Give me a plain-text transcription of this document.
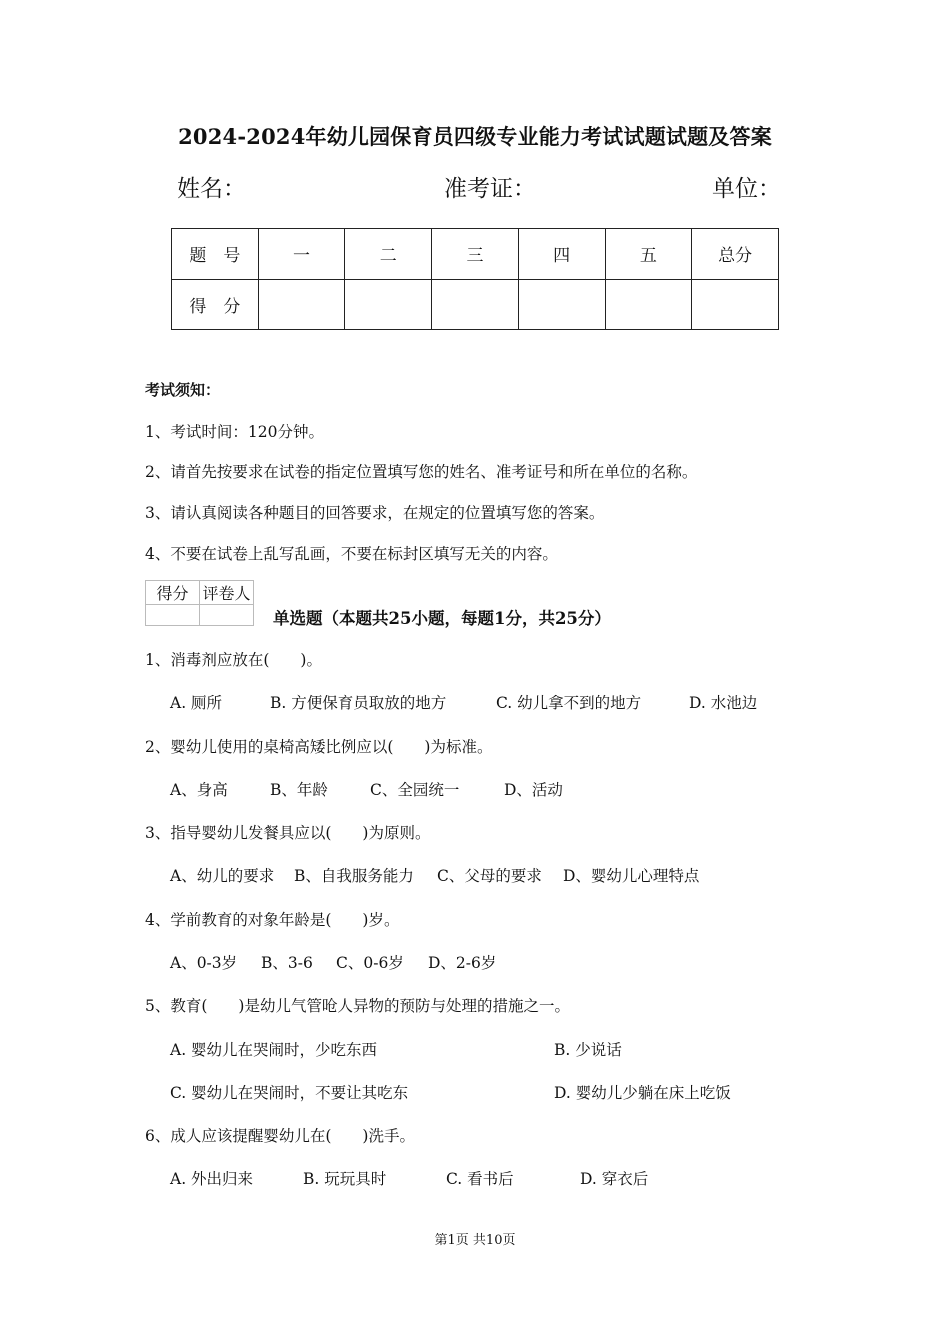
2024-2024年幼儿园保育员四级专业能力考试试题试题及答案
姓名：	准考证：	单位：
题　号	一	二	三	四	五	总分
得　分						
考试须知：
1、考试时间：120分钟。
2、请首先按要求在试卷的指定位置填写您的姓名、准考证号和所在单位的名称。
3、请认真阅读各种题目的回答要求，在规定的位置填写您的答案。
4、不要在试卷上乱写乱画，不要在标封区填写无关的内容。
得分	评卷人

单选题（本题共25小题，每题1分，共25分）
1、消毒剂应放在(　　)。
A. 厕所	B. 方便保育员取放的地方	C. 幼儿拿不到的地方	D. 水池边
2、婴幼儿使用的桌椅高矮比例应以(　　)为标准。
A、身高	B、年龄	C、全园统一	D、活动
3、指导婴幼儿发餐具应以(　　)为原则。
A、幼儿的要求 B、自我服务能力 C、父母的要求 D、婴幼儿心理特点
4、学前教育的对象年龄是(　　)岁。
A、0-3岁 B、3-6 C、0-6岁 D、2-6岁
5、教育(　　)是幼儿气管呛人异物的预防与处理的措施之一。
A. 婴幼儿在哭闹时，少吃东西	B. 少说话
C. 婴幼儿在哭闹时，不要让其吃东	D. 婴幼儿少躺在床上吃饭
6、成人应该提醒婴幼儿在(　　)洗手。
A. 外出归来	B. 玩玩具时	C. 看书后	D. 穿衣后
第1页 共10页
